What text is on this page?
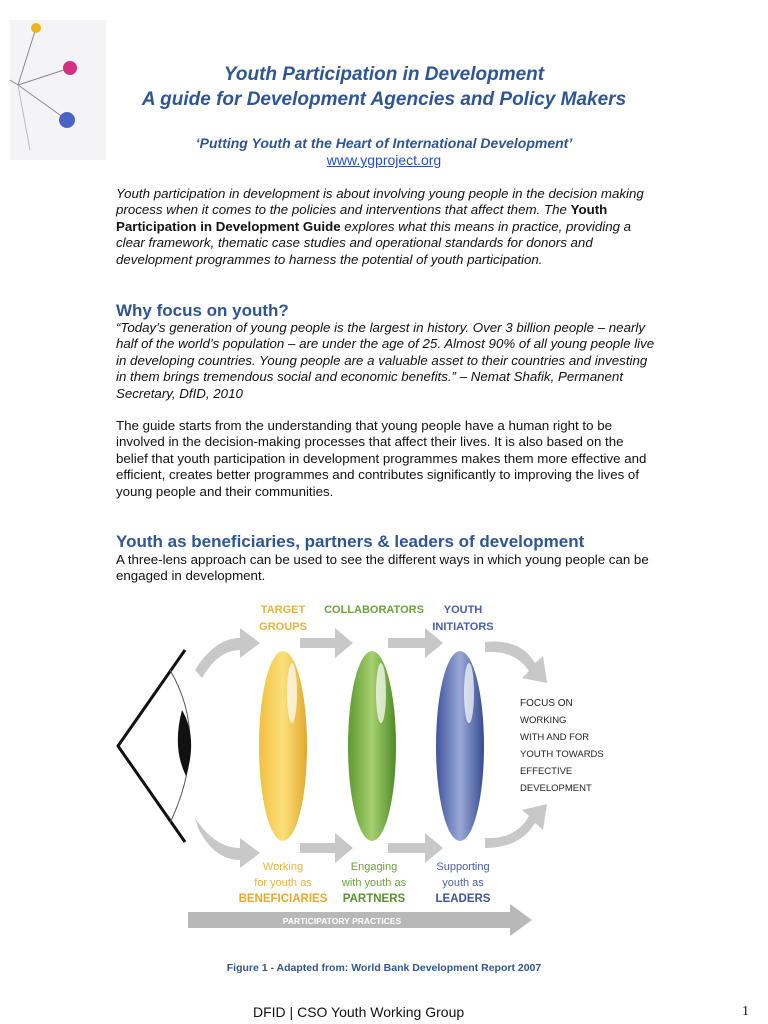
Youth Participation in Development
A guide for Development Agencies and Policy Makers
‘Putting Youth at the Heart of International Development’
www.ygproject.org
Youth participation in development is about involving young people in the decision making process when it comes to the policies and interventions that affect them. The Youth Participation in Development Guide explores what this means in practice, providing a clear framework, thematic case studies and operational standards for donors and development programmes to harness the potential of youth participation.
Why focus on youth?
“Today’s generation of young people is the largest in history. Over 3 billion people – nearly half of the world’s population – are under the age of 25. Almost 90% of all young people live in developing countries. Young people are a valuable asset to their countries and investing in them brings tremendous social and economic benefits.” – Nemat Shafik, Permanent Secretary, DfID, 2010
The guide starts from the understanding that young people have a human right to be involved in the decision-making processes that affect their lives. It is also based on the belief that youth participation in development programmes makes them more effective and efficient, creates better programmes and contributes significantly to improving the lives of young people and their communities.
Youth as beneficiaries, partners & leaders of development
A three-lens approach can be used to see the different ways in which young people can be engaged in development.
TARGET
GROUPS
COLLABORATORS YOUTH
INITIATORS
Working
for youth as
BENEFICIARIES
Engaging
with youth as
PARTNERS
Supporting
youth as
LEADERS
FOCUS ON
WORKING
WITH AND FOR
YOUTH TOWARDS
EFFECTIVE
DEVELOPMENT
PARTICIPATORY PRACTICES
Figure 1 - Adapted from: World Bank Development Report 2007
DFID | CSO Youth Working Group	1
